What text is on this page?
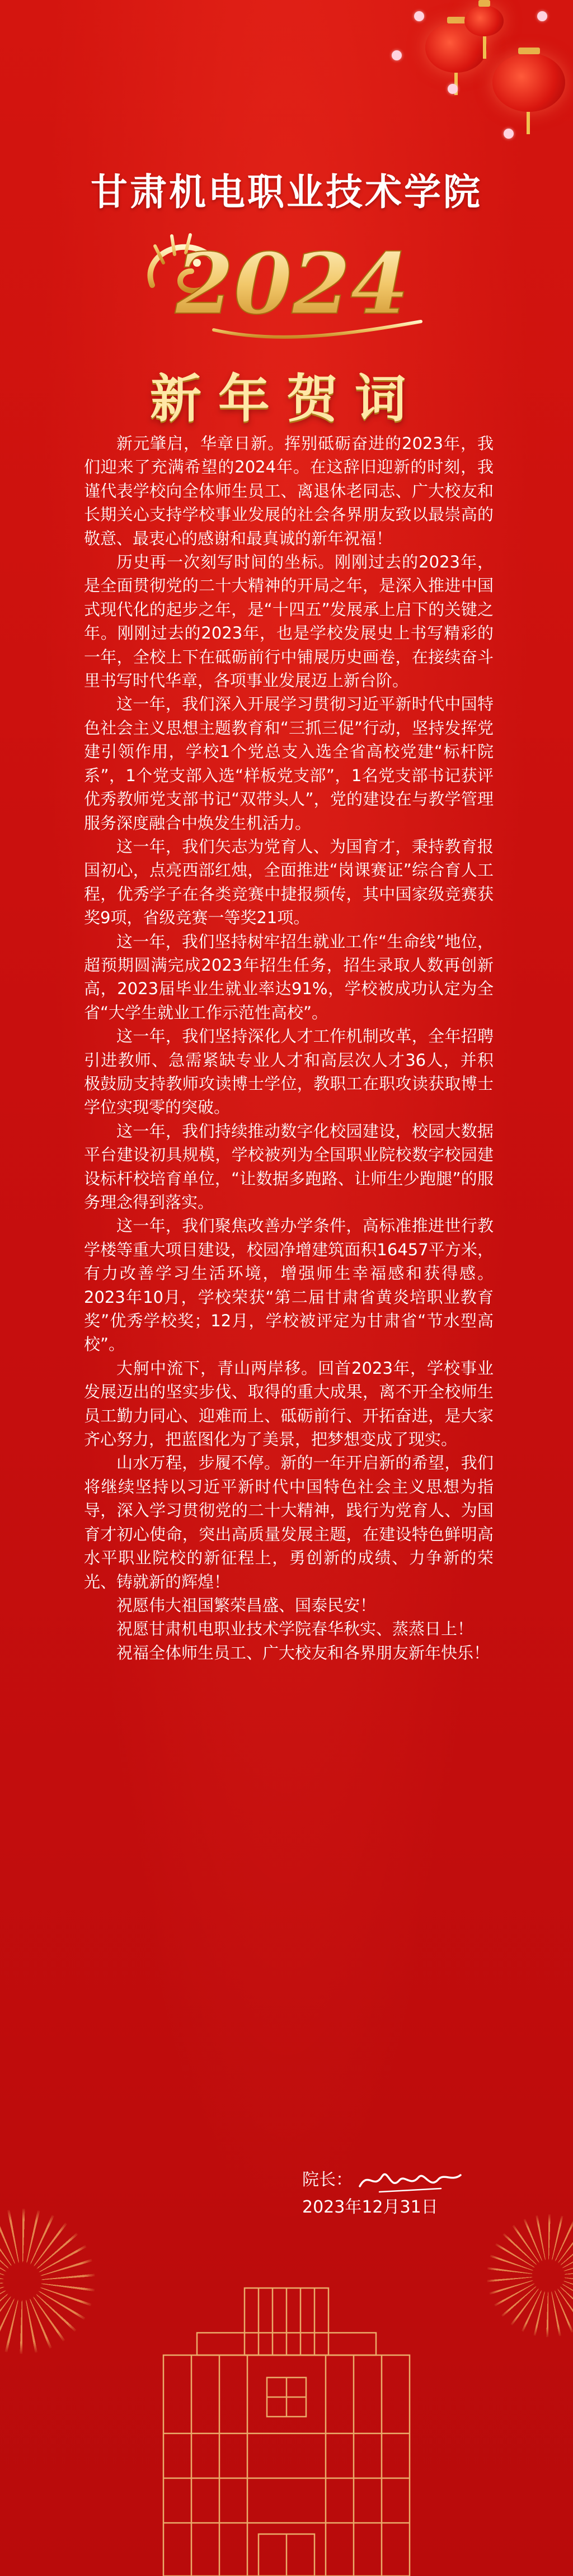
甘肃机电职业技术学院
2024
新年贺词

新元肇启，华章日新。挥别砥砺奋进的2023年，我们迎来了充满希望的2024年。在这辞旧迎新的时刻，我谨代表学校向全体师生员工、离退休老同志、广大校友和长期关心支持学校事业发展的社会各界朋友致以最崇高的敬意、最衷心的感谢和最真诚的新年祝福！

历史再一次刻写时间的坐标。刚刚过去的2023年，是全面贯彻党的二十大精神的开局之年，是深入推进中国式现代化的起步之年，是“十四五”发展承上启下的关键之年。刚刚过去的2023年，也是学校发展史上书写精彩的一年，全校上下在砥砺前行中铺展历史画卷，在接续奋斗里书写时代华章，各项事业发展迈上新台阶。

这一年，我们深入开展学习贯彻习近平新时代中国特色社会主义思想主题教育和“三抓三促”行动，坚持发挥党建引领作用，学校1个党总支入选全省高校党建“标杆院系”，1个党支部入选“样板党支部”，1名党支部书记获评优秀教师党支部书记“双带头人”，党的建设在与教学管理服务深度融合中焕发生机活力。

这一年，我们矢志为党育人、为国育才，秉持教育报国初心，点亮西部红烛，全面推进“岗课赛证”综合育人工程，优秀学子在各类竞赛中捷报频传，其中国家级竞赛获奖9项，省级竞赛一等奖21项。

这一年，我们坚持树牢招生就业工作“生命线”地位，超预期圆满完成2023年招生任务，招生录取人数再创新高，2023届毕业生就业率达91%，学校被成功认定为全省“大学生就业工作示范性高校”。

这一年，我们坚持深化人才工作机制改革，全年招聘引进教师、急需紧缺专业人才和高层次人才36人，并积极鼓励支持教师攻读博士学位，教职工在职攻读获取博士学位实现零的突破。

这一年，我们持续推动数字化校园建设，校园大数据平台建设初具规模，学校被列为全国职业院校数字校园建设标杆校培育单位，“让数据多跑路、让师生少跑腿”的服务理念得到落实。

这一年，我们聚焦改善办学条件，高标准推进世行教学楼等重大项目建设，校园净增建筑面积16457平方米，有力改善学习生活环境，增强师生幸福感和获得感。2023年10月，学校荣获“第二届甘肃省黄炎培职业教育奖”优秀学校奖；12月，学校被评定为甘肃省“节水型高校”。

大舸中流下，青山两岸移。回首2023年，学校事业发展迈出的坚实步伐、取得的重大成果，离不开全校师生员工勤力同心、迎难而上、砥砺前行、开拓奋进，是大家齐心努力，把蓝图化为了美景，把梦想变成了现实。

山水万程，步履不停。新的一年开启新的希望，我们将继续坚持以习近平新时代中国特色社会主义思想为指导，深入学习贯彻党的二十大精神，践行为党育人、为国育才初心使命，突出高质量发展主题，在建设特色鲜明高水平职业院校的新征程上，勇创新的成绩、力争新的荣光、铸就新的辉煌！

祝愿伟大祖国繁荣昌盛、国泰民安！

祝愿甘肃机电职业技术学院春华秋实、蒸蒸日上！

祝福全体师生员工、广大校友和各界朋友新年快乐！

院长：
2023年12月31日
